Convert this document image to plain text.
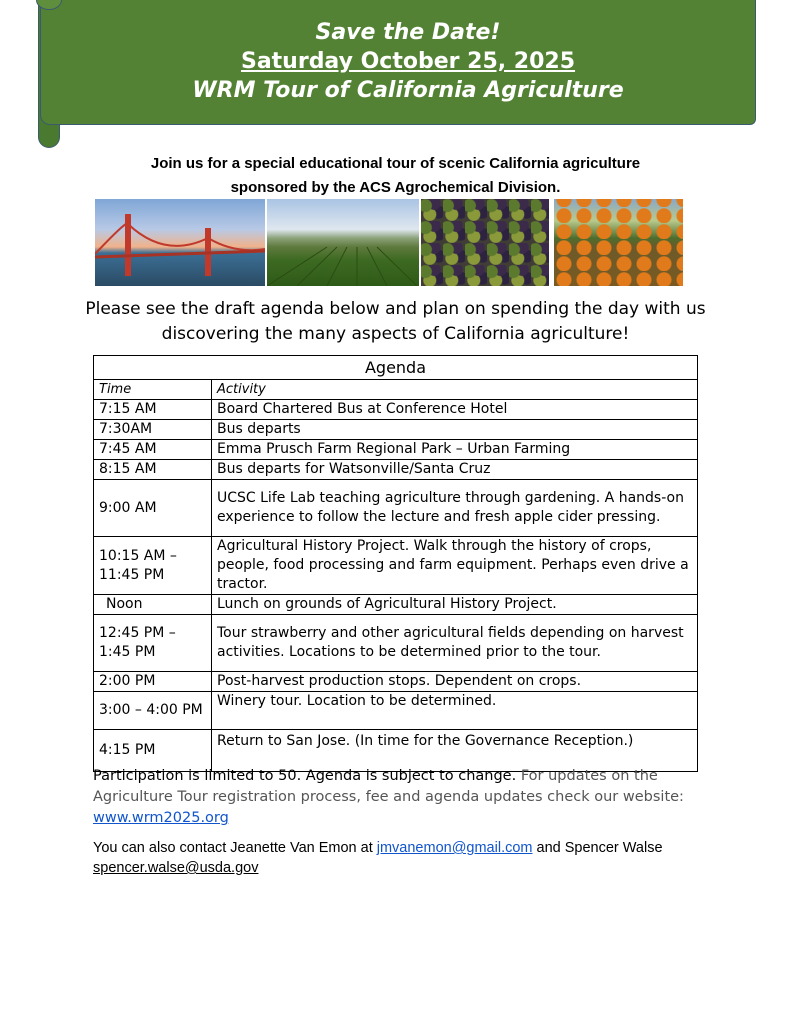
Save the Date!
Saturday October 25, 2025
WRM Tour of California Agriculture
Join us for a special educational tour of scenic California agriculture
sponsored by the ACS Agrochemical Division.
Please see the draft agenda below and plan on spending the day with us
discovering the many aspects of California agriculture!
Agenda	
Time	Activity
7:15 AM	Board Chartered Bus at Conference Hotel
7:30AM	Bus departs
7:45 AM	Emma Prusch Farm Regional Park – Urban Farming
8:15 AM	Bus departs for Watsonville/Santa Cruz
9:00 AM	UCSC Life Lab teaching agriculture through gardening. A hands-on experience to follow the lecture and fresh apple cider pressing.
10:15 AM – 11:45 PM	Agricultural History Project. Walk through the history of crops, people, food processing and farm equipment. Perhaps even drive a tractor.
Noon	Lunch on grounds of Agricultural History Project.
12:45 PM – 1:45 PM	Tour strawberry and other agricultural fields depending on harvest activities. Locations to be determined prior to the tour.
2:00 PM	Post-harvest production stops. Dependent on crops.
3:00 – 4:00 PM	Winery tour. Location to be determined.
4:15 PM	Return to San Jose. (In time for the Governance Reception.)
Participation is limited to 50. Agenda is subject to change. For updates on the Agriculture Tour registration process, fee and agenda updates check our website: www.wrm2025.org
You can also contact Jeanette Van Emon at jmvanemon@gmail.com and Spencer Walse spencer.walse@usda.gov
